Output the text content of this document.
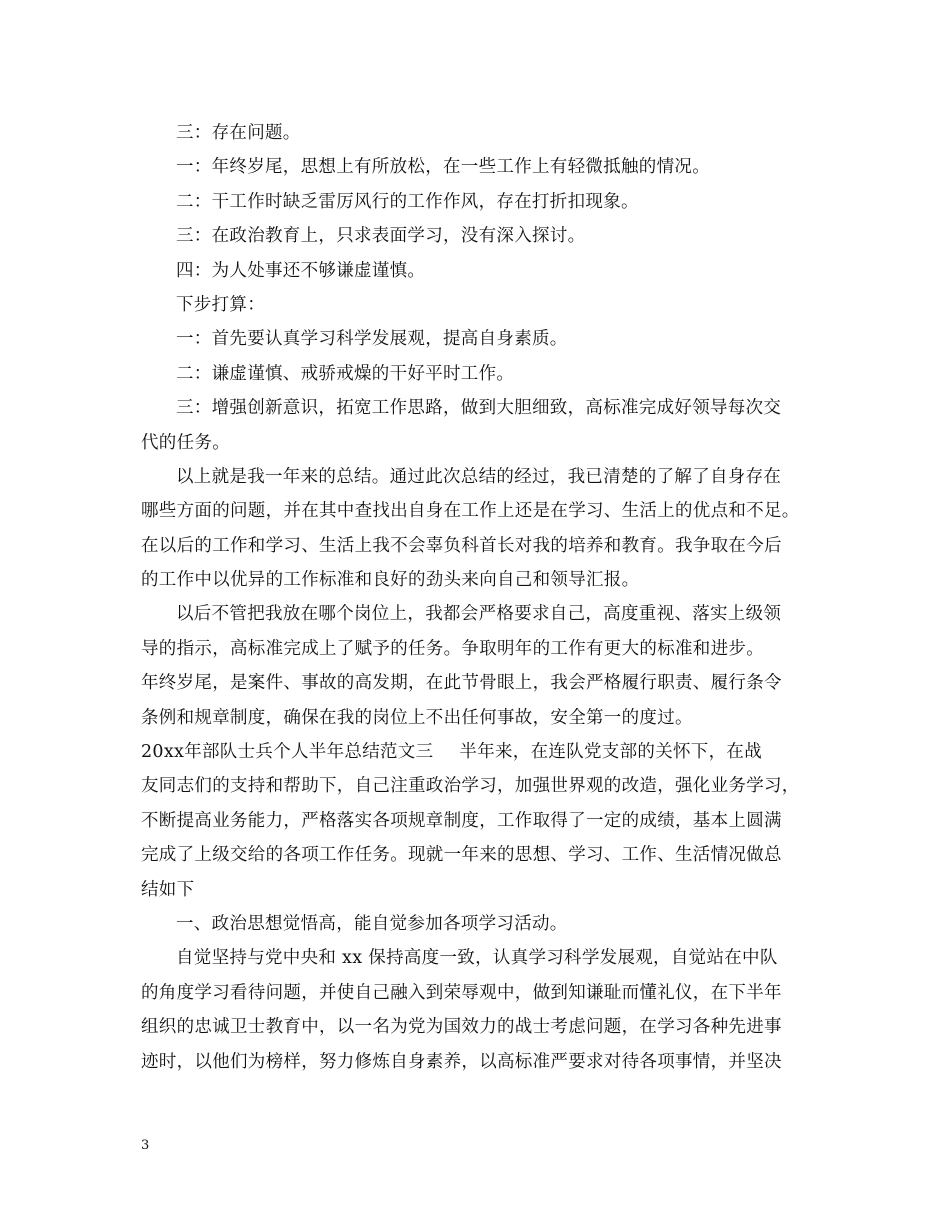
三：存在问题。
一：年终岁尾，思想上有所放松，在一些工作上有轻微抵触的情况。
二：干工作时缺乏雷厉风行的工作作风，存在打折扣现象。
三：在政治教育上，只求表面学习，没有深入探讨。
四：为人处事还不够谦虚谨慎。
下步打算：
一：首先要认真学习科学发展观，提高自身素质。
二：谦虚谨慎、戒骄戒燥的干好平时工作。
三：增强创新意识，拓宽工作思路，做到大胆细致，高标准完成好领导每次交
代的任务。
以上就是我一年来的总结。通过此次总结的经过，我已清楚的了解了自身存在
哪些方面的问题，并在其中查找出自身在工作上还是在学习、生活上的优点和不足。
在以后的工作和学习、生活上我不会辜负科首长对我的培养和教育。我争取在今后
的工作中以优异的工作标准和良好的劲头来向自己和领导汇报。
以后不管把我放在哪个岗位上，我都会严格要求自己，高度重视、落实上级领
导的指示，高标准完成上了赋予的任务。争取明年的工作有更大的标准和进步。
年终岁尾，是案件、事故的高发期，在此节骨眼上，我会严格履行职责、履行条令
条例和规章制度，确保在我的岗位上不出任何事故，安全第一的度过。
20xx年部队士兵个人半年总结范文三 半年来，在连队党支部的关怀下，在战
友同志们的支持和帮助下，自己注重政治学习，加强世界观的改造，强化业务学习，
不断提高业务能力，严格落实各项规章制度，工作取得了一定的成绩，基本上圆满
完成了上级交给的各项工作任务。现就一年来的思想、学习、工作、生活情况做总
结如下
一、政治思想觉悟高，能自觉参加各项学习活动。
自觉坚持与党中央和 xx 保持高度一致，认真学习科学发展观，自觉站在中队
的角度学习看待问题，并使自己融入到荣辱观中，做到知谦耻而懂礼仪，在下半年
组织的忠诚卫士教育中，以一名为党为国效力的战士考虑问题，在学习各种先进事
迹时，以他们为榜样，努力修炼自身素养，以高标准严要求对待各项事情，并坚决
3
